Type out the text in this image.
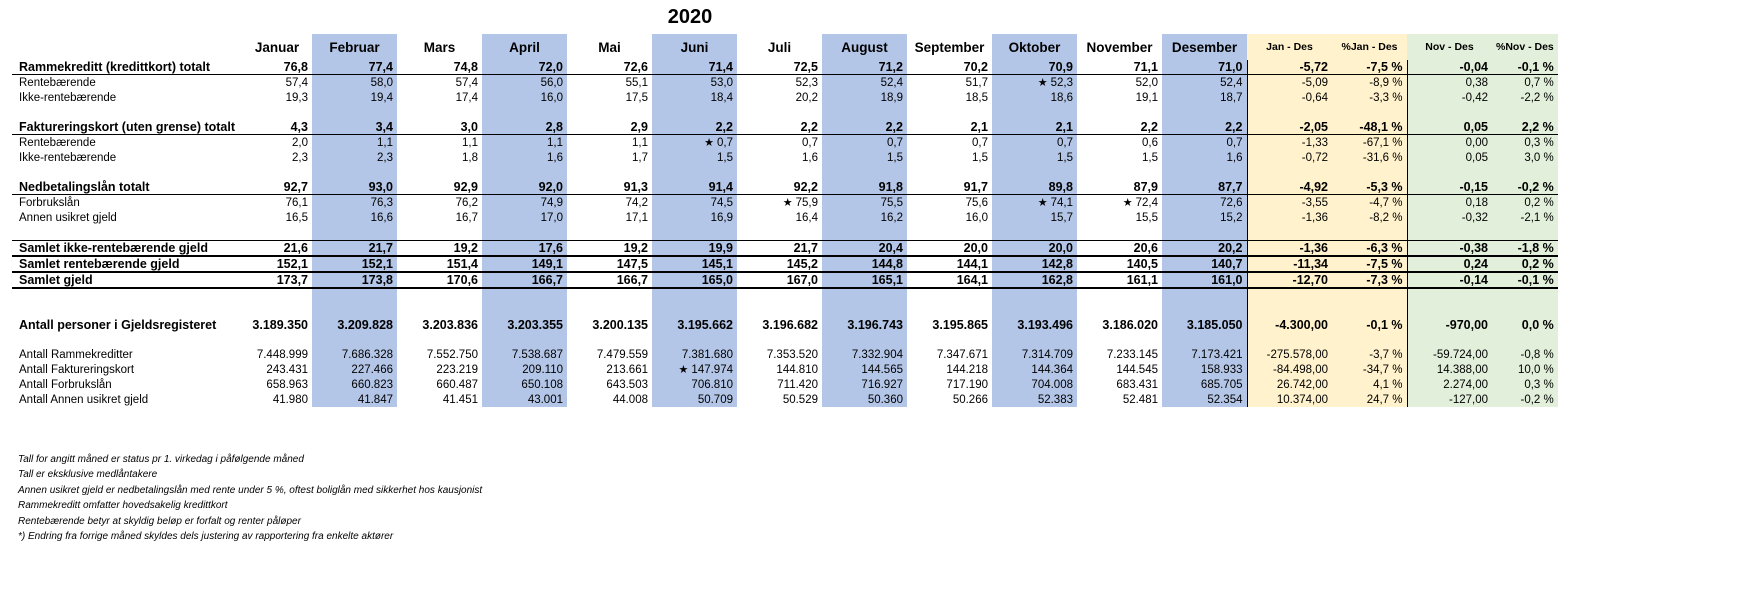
2020
	Januar	Februar	Mars	April	Mai	Juni	Juli	August	September	Oktober	November	Desember	Jan - Des	%Jan - Des	Nov - Des	%Nov - Des
Rammekreditt (kredittkort) totalt	76,8	77,4	74,8	72,0	72,6	71,4	72,5	71,2	70,2	70,9	71,1	71,0	-5,72	-7,5 %	-0,04	-0,1 %
Rentebærende	57,4	58,0	57,4	56,0	55,1	53,0	52,3	52,4	51,7	★ 52,3	52,0	52,4	-5,09	-8,9 %	0,38	0,7 %
Ikke-rentebærende	19,3	19,4	17,4	16,0	17,5	18,4	20,2	18,9	18,5	18,6	19,1	18,7	-0,64	-3,3 %	-0,42	-2,2 %

Faktureringskort (uten grense) totalt	4,3	3,4	3,0	2,8	2,9	2,2	2,2	2,2	2,1	2,1	2,2	2,2	-2,05	-48,1 %	0,05	2,2 %
Rentebærende	2,0	1,1	1,1	1,1	1,1	★ 0,7	0,7	0,7	0,7	0,7	0,6	0,7	-1,33	-67,1 %	0,00	0,3 %
Ikke-rentebærende	2,3	2,3	1,8	1,6	1,7	1,5	1,6	1,5	1,5	1,5	1,5	1,6	-0,72	-31,6 %	0,05	3,0 %

Nedbetalingslån totalt	92,7	93,0	92,9	92,0	91,3	91,4	92,2	91,8	91,7	89,8	87,9	87,7	-4,92	-5,3 %	-0,15	-0,2 %
Forbrukslån	76,1	76,3	76,2	74,9	74,2	74,5	★ 75,9	75,5	75,6	★ 74,1	★ 72,4	72,6	-3,55	-4,7 %	0,18	0,2 %
Annen usikret gjeld	16,5	16,6	16,7	17,0	17,1	16,9	16,4	16,2	16,0	15,7	15,5	15,2	-1,36	-8,2 %	-0,32	-2,1 %

Samlet ikke-rentebærende gjeld	21,6	21,7	19,2	17,6	19,2	19,9	21,7	20,4	20,0	20,0	20,6	20,2	-1,36	-6,3 %	-0,38	-1,8 %
Samlet rentebærende gjeld	152,1	152,1	151,4	149,1	147,5	145,1	145,2	144,8	144,1	142,8	140,5	140,7	-11,34	-7,5 %	0,24	0,2 %
Samlet gjeld	173,7	173,8	170,6	166,7	166,7	165,0	167,0	165,1	164,1	162,8	161,1	161,0	-12,70	-7,3 %	-0,14	-0,1 %

Antall personer i Gjeldsregisteret	3.189.350	3.209.828	3.203.836	3.203.355	3.200.135	3.195.662	3.196.682	3.196.743	3.195.865	3.193.496	3.186.020	3.185.050	-4.300,00	-0,1 %	-970,00	0,0 %

Antall Rammekreditter	7.448.999	7.686.328	7.552.750	7.538.687	7.479.559	7.381.680	7.353.520	7.332.904	7.347.671	7.314.709	7.233.145	7.173.421	-275.578,00	-3,7 %	-59.724,00	-0,8 %
Antall Faktureringskort	243.431	227.466	223.219	209.110	213.661	★ 147.974	144.810	144.565	144.218	144.364	144.545	158.933	-84.498,00	-34,7 %	14.388,00	10,0 %
Antall Forbrukslån	658.963	660.823	660.487	650.108	643.503	706.810	711.420	716.927	717.190	704.008	683.431	685.705	26.742,00	4,1 %	2.274,00	0,3 %
Antall Annen usikret gjeld	41.980	41.847	41.451	43.001	44.008	50.709	50.529	50.360	50.266	52.383	52.481	52.354	10.374,00	24,7 %	-127,00	-0,2 %
Tall for angitt måned er status pr 1. virkedag i påfølgende måned
Tall er eksklusive medlåntakere
Annen usikret gjeld er nedbetalingslån med rente under 5 %, oftest boliglån med sikkerhet hos kausjonist
Rammekreditt omfatter hovedsakelig kredittkort
Rentebærende betyr at skyldig beløp er forfalt og renter påløper
*) Endring fra forrige måned skyldes dels justering av rapportering fra enkelte aktører
